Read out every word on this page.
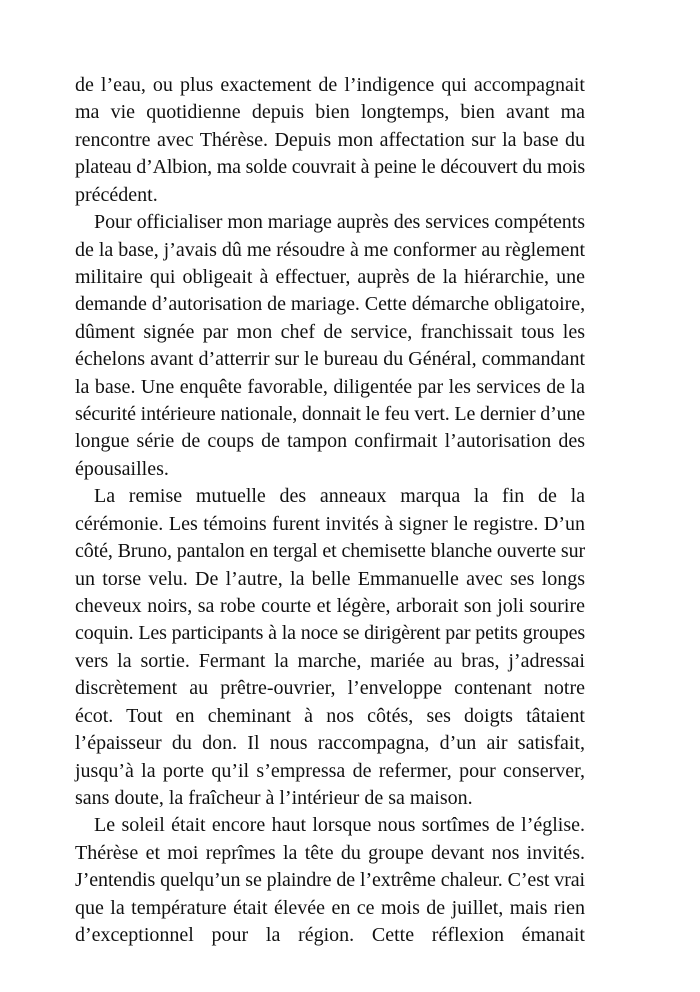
de l’eau, ou plus exactement de l’indigence qui accompagnait
ma vie quotidienne depuis bien longtemps, bien avant ma
rencontre avec Thérèse. Depuis mon affectation sur la base du
plateau d’Albion, ma solde couvrait à peine le découvert du mois
précédent.
Pour officialiser mon mariage auprès des services compétents
de la base, j’avais dû me résoudre à me conformer au règlement
militaire qui obligeait à effectuer, auprès de la hiérarchie, une
demande d’autorisation de mariage. Cette démarche obligatoire,
dûment signée par mon chef de service, franchissait tous les
échelons avant d’atterrir sur le bureau du Général, commandant
la base. Une enquête favorable, diligentée par les services de la
sécurité intérieure nationale, donnait le feu vert. Le dernier d’une
longue série de coups de tampon confirmait l’autorisation des
épousailles.
La remise mutuelle des anneaux marqua la fin de la
cérémonie. Les témoins furent invités à signer le registre. D’un
côté, Bruno, pantalon en tergal et chemisette blanche ouverte sur
un torse velu. De l’autre, la belle Emmanuelle avec ses longs
cheveux noirs, sa robe courte et légère, arborait son joli sourire
coquin. Les participants à la noce se dirigèrent par petits groupes
vers la sortie. Fermant la marche, mariée au bras, j’adressai
discrètement au prêtre-ouvrier, l’enveloppe contenant notre
écot. Tout en cheminant à nos côtés, ses doigts tâtaient
l’épaisseur du don. Il nous raccompagna, d’un air satisfait,
jusqu’à la porte qu’il s’empressa de refermer, pour conserver,
sans doute, la fraîcheur à l’intérieur de sa maison.
Le soleil était encore haut lorsque nous sortîmes de l’église.
Thérèse et moi reprîmes la tête du groupe devant nos invités.
J’entendis quelqu’un se plaindre de l’extrême chaleur. C’est vrai
que la température était élevée en ce mois de juillet, mais rien
d’exceptionnel pour la région. Cette réflexion émanait
